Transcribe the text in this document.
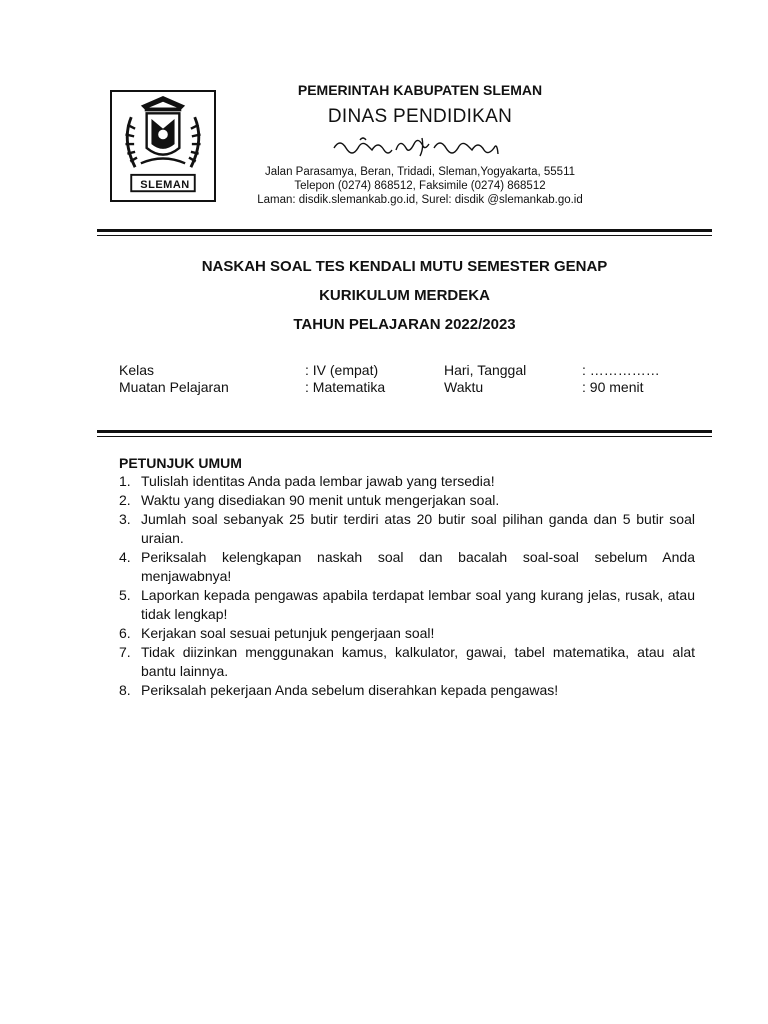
SLEMAN
PEMERINTAH KABUPATEN SLEMAN
DINAS PENDIDIKAN
Jalan Parasamya, Beran, Tridadi, Sleman,Yogyakarta, 55511
Telepon (0274) 868512, Faksimile (0274) 868512
Laman: disdik.slemankab.go.id, Surel: disdik @slemankab.go.id
NASKAH SOAL TES KENDALI MUTU SEMESTER GENAP
KURIKULUM MERDEKA
TAHUN PELAJARAN 2022/2023
Kelas	: IV (empat)	Hari, Tanggal	: ……………
Muatan Pelajaran	: Matematika	Waktu	: 90 menit
PETUNJUK UMUM
1. Tulislah identitas Anda pada lembar jawab yang tersedia!
2. Waktu yang disediakan 90 menit untuk mengerjakan soal.
3. Jumlah soal sebanyak 25 butir terdiri atas 20 butir soal pilihan ganda dan 5 butir soal uraian.
4. Periksalah kelengkapan naskah soal dan bacalah soal-soal sebelum Anda menjawabnya!
5. Laporkan kepada pengawas apabila terdapat lembar soal yang kurang jelas, rusak, atau tidak lengkap!
6. Kerjakan soal sesuai petunjuk pengerjaan soal!
7. Tidak diizinkan menggunakan kamus, kalkulator, gawai, tabel matematika, atau alat bantu lainnya.
8. Periksalah pekerjaan Anda sebelum diserahkan kepada pengawas!
